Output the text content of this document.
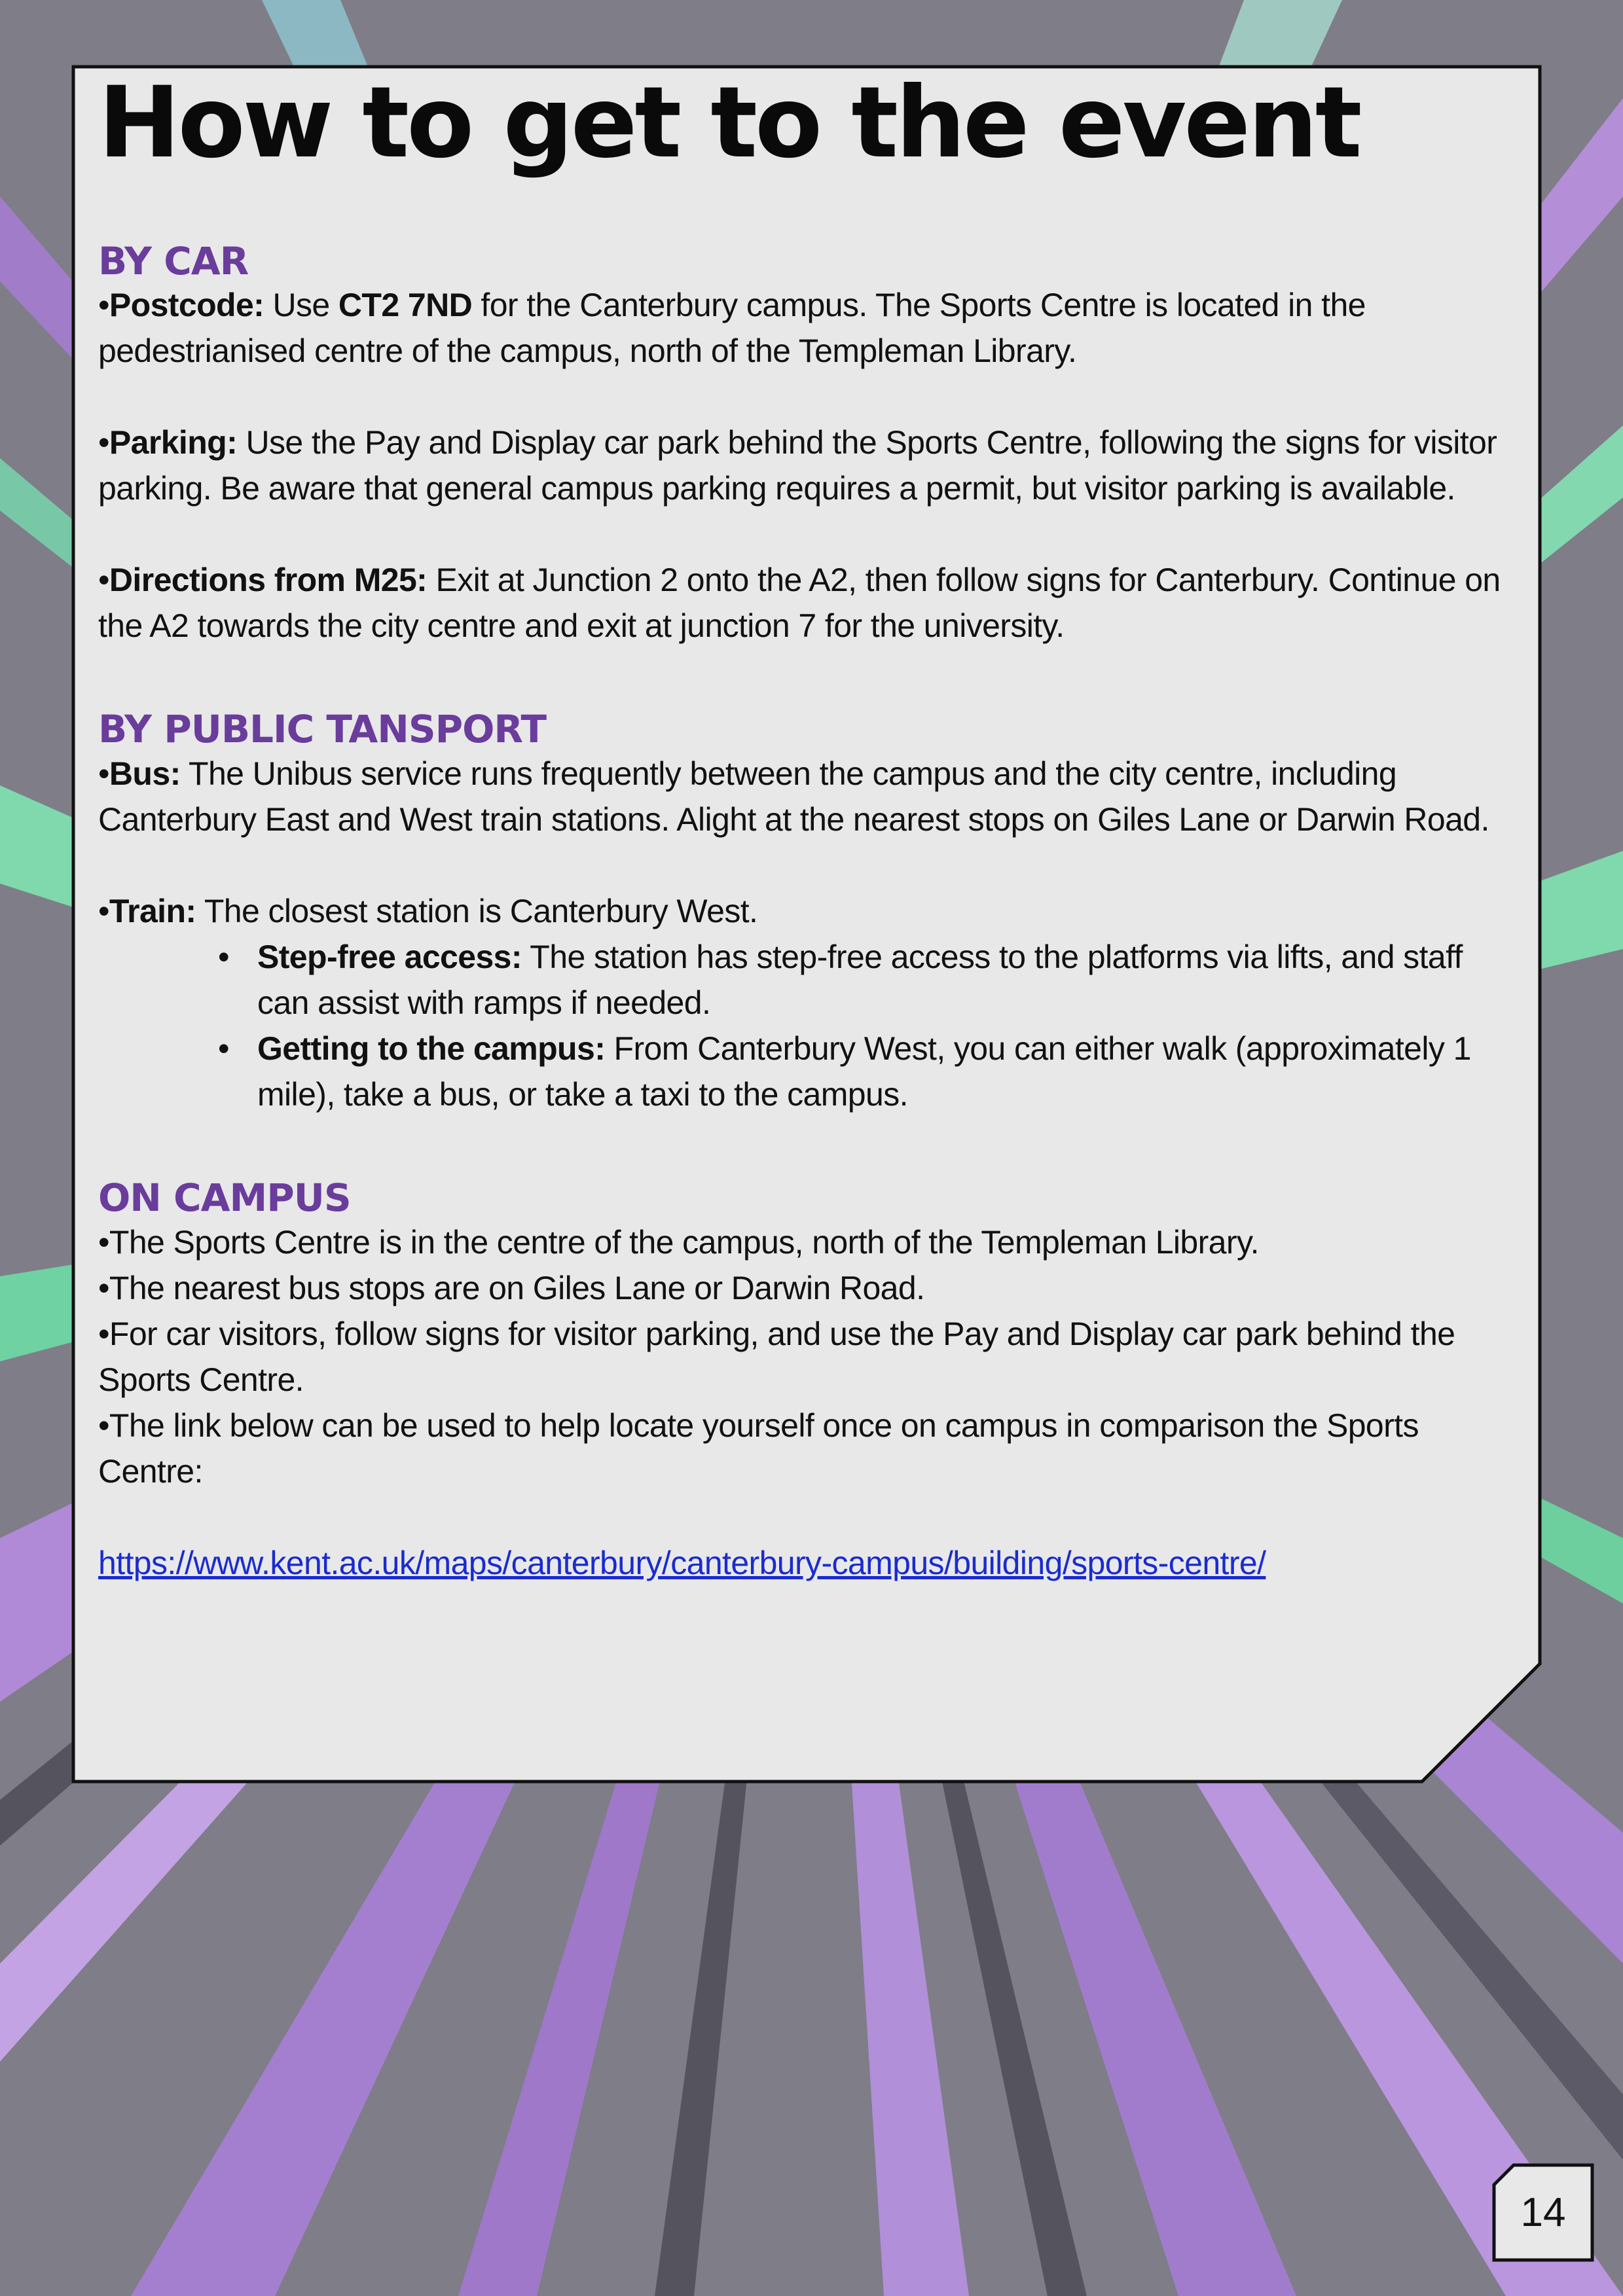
How to get to the event
BY CAR

•Postcode: Use CT2 7ND for the Canterbury campus. The Sports Centre is located in the pedestrianised centre of the campus, north of the Templeman Library.

•Parking: Use the Pay and Display car park behind the Sports Centre, following the signs for visitor parking. Be aware that general campus parking requires a permit, but visitor parking is available.

•Directions from M25: Exit at Junction 2 onto the A2, then follow signs for Canterbury. Continue on the A2 towards the city centre and exit at junction 7 for the university.

BY PUBLIC TANSPORT

•Bus: The Unibus service runs frequently between the campus and the city centre, including Canterbury East and West train stations. Alight at the nearest stops on Giles Lane or Darwin Road.

•Train: The closest station is Canterbury West.

• Step-free access: The station has step-free access to the platforms via lifts, and staff can assist with ramps if needed.
• Getting to the campus: From Canterbury West, you can either walk (approximately 1 mile), take a bus, or take a taxi to the campus.
ON CAMPUS

•The Sports Centre is in the centre of the campus, north of the Templeman Library.

•The nearest bus stops are on Giles Lane or Darwin Road.

•For car visitors, follow signs for visitor parking, and use the Pay and Display car park behind the Sports Centre.

•The link below can be used to help locate yourself once on campus in comparison the Sports Centre:

https://www.kent.ac.uk/maps/canterbury/canterbury-campus/building/sports-centre/
14
